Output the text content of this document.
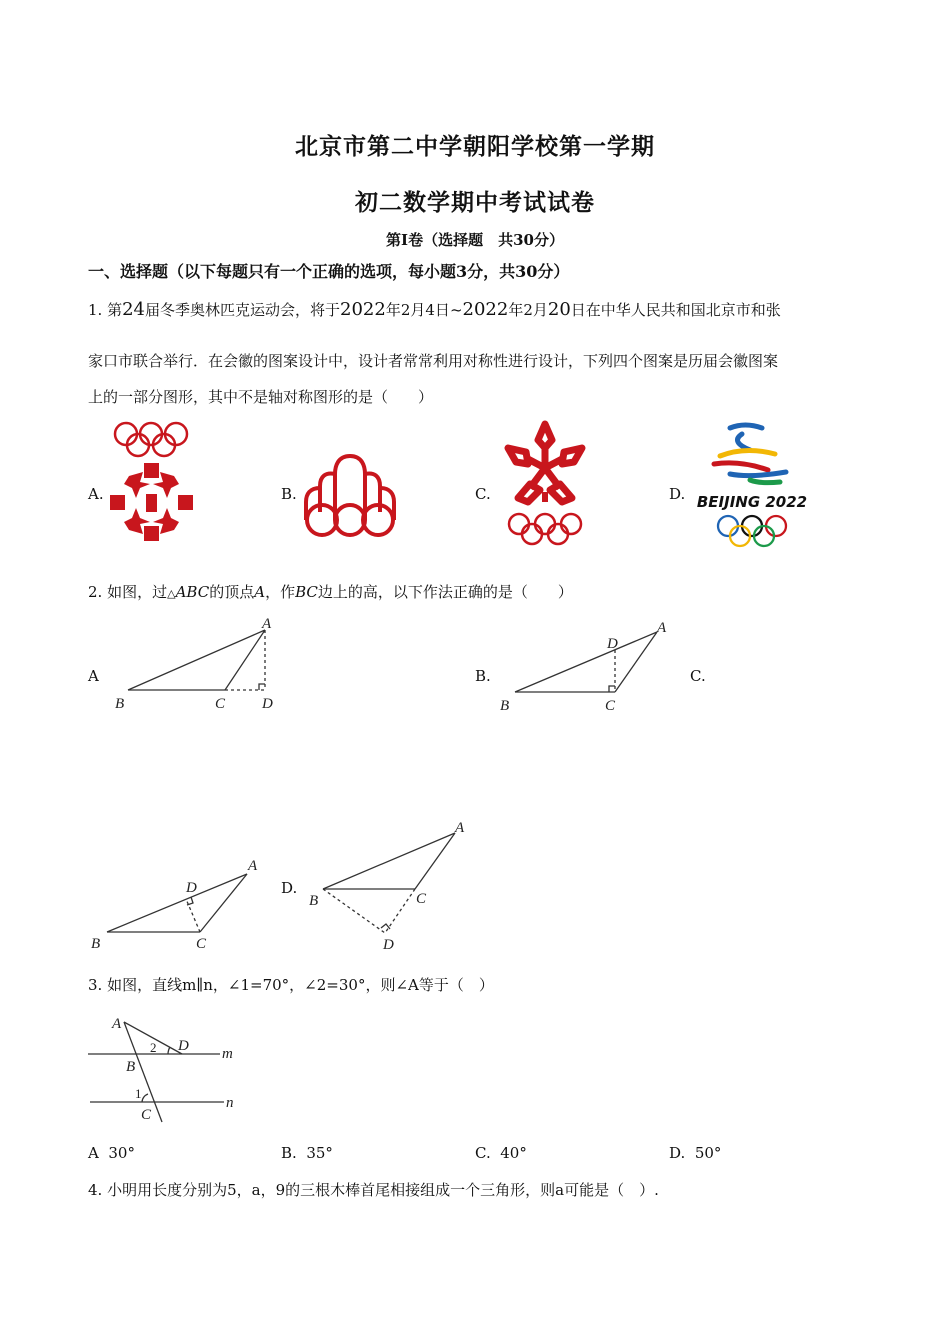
北京市第二中学朝阳学校第一学期
初二数学期中考试试卷
第I卷（选择题　共30分）
一、选择题（以下每题只有一个正确的选项，每小题3分，共30分）
1. 第24届冬季奥林匹克运动会，将于2022年2月4日~2022年2月20日在中华人民共和国北京市和张
家口市联合举行．在会徽的图案设计中，设计者常常利用对称性进行设计，下列四个图案是历届会徽图案
上的一部分图形，其中不是轴对称图形的是（　　）
A.	B.	C.	D. BEIJING 2022
2. 如图，过△ABC的顶点A，作BC边上的高，以下作法正确的是（　　）
A	B.	C.
D.
A
B	C D
A
B	C
D
A
B	C
D
A
B	C
D
3. 如图，直线m∥n，∠1=70°，∠2=30°，则∠A等于（　）
A
B
C
D m
n
2
1
A 30°	B. 35°	C. 40°	D. 50°
4. 小明用长度分别为5，a，9的三根木棒首尾相接组成一个三角形，则a可能是（　）.
